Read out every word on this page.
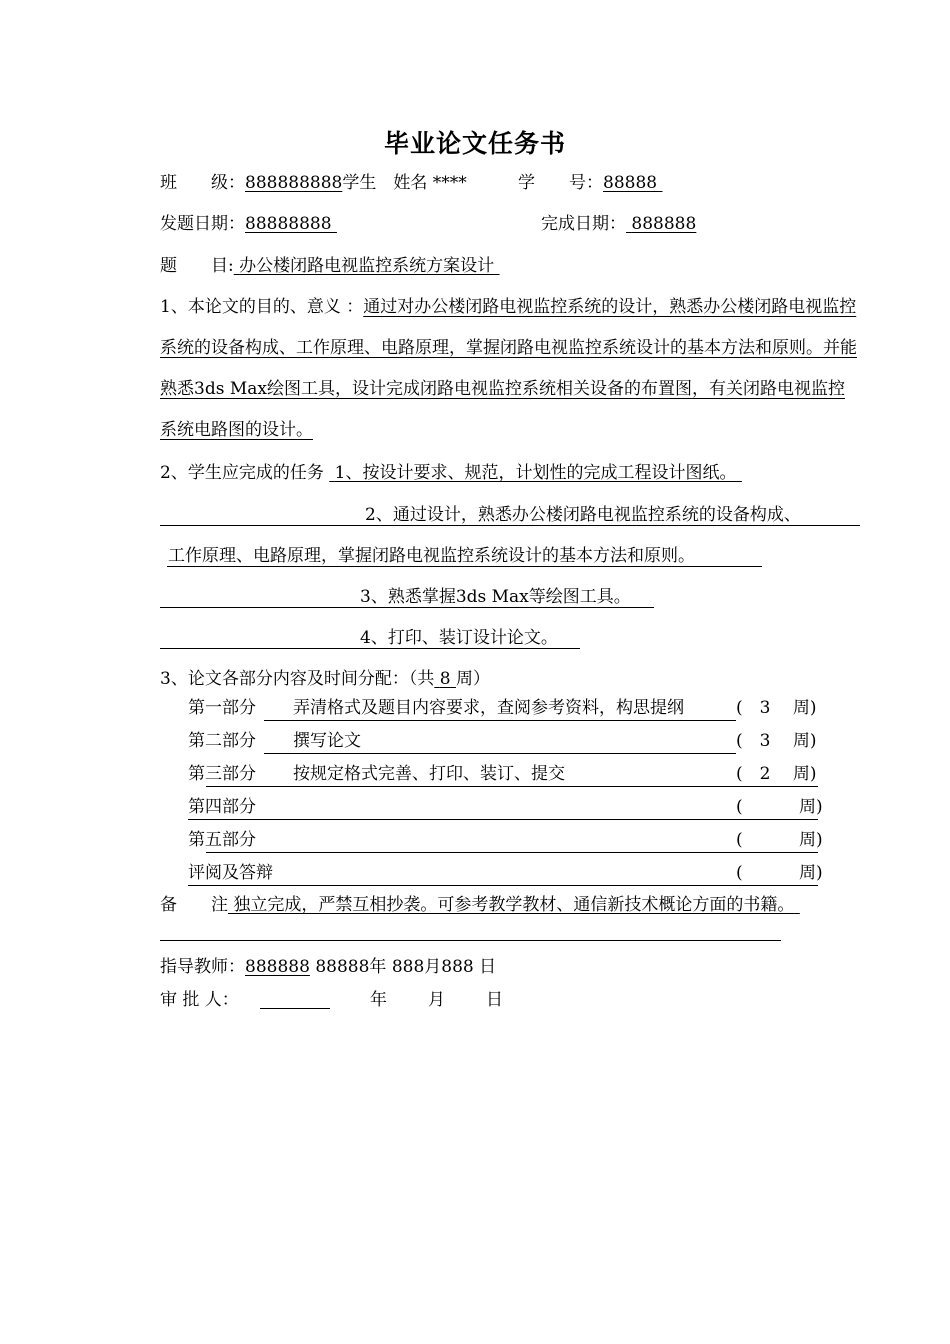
毕业论文任务书
班　　级：888888888学生　姓名 ****	学　　号：88888
发题日期：88888888	完成日期： 888888
题　　目: 办公楼闭路电视监控系统方案设计
1、本论文的目的、意义 ：通过对办公楼闭路电视监控系统的设计，熟悉办公楼闭路电视监控系统的设备构成、工作原理、电路原理，掌握闭路电视监控系统设计的基本方法和原则。并能熟悉3ds Max绘图工具，设计完成闭路电视监控系统相关设备的布置图，有关闭路电视监控系统电路图的设计。
2、学生应完成的任务 1、按设计要求、规范，计划性的完成工程设计图纸。
2、通过设计，熟悉办公楼闭路电视监控系统的设备构成、
工作原理、电路原理，掌握闭路电视监控系统设计的基本方法和原则。
3、熟悉掌握3ds Max等绘图工具。
4、打印、装订设计论文。
3、论文各部分内容及时间分配：（共 8 周）
第一部分 弄清格式及题目内容要求，查阅参考资料，构思提纲	(　3　 周)
第二部分 撰写论文	(　3　 周)
第三部分 按规定格式完善、打印、装订、提交	(　2　 周)
第四部分	(　　　 周)
第五部分	(　　　 周)
评阅及答辩	(　　　 周)
备　　注 独立完成，严禁互相抄袭。可参考教学教材、通信新技术概论方面的书籍。
指导教师：888888 88888年 888月888 日
审 批 人：	年 月 日
